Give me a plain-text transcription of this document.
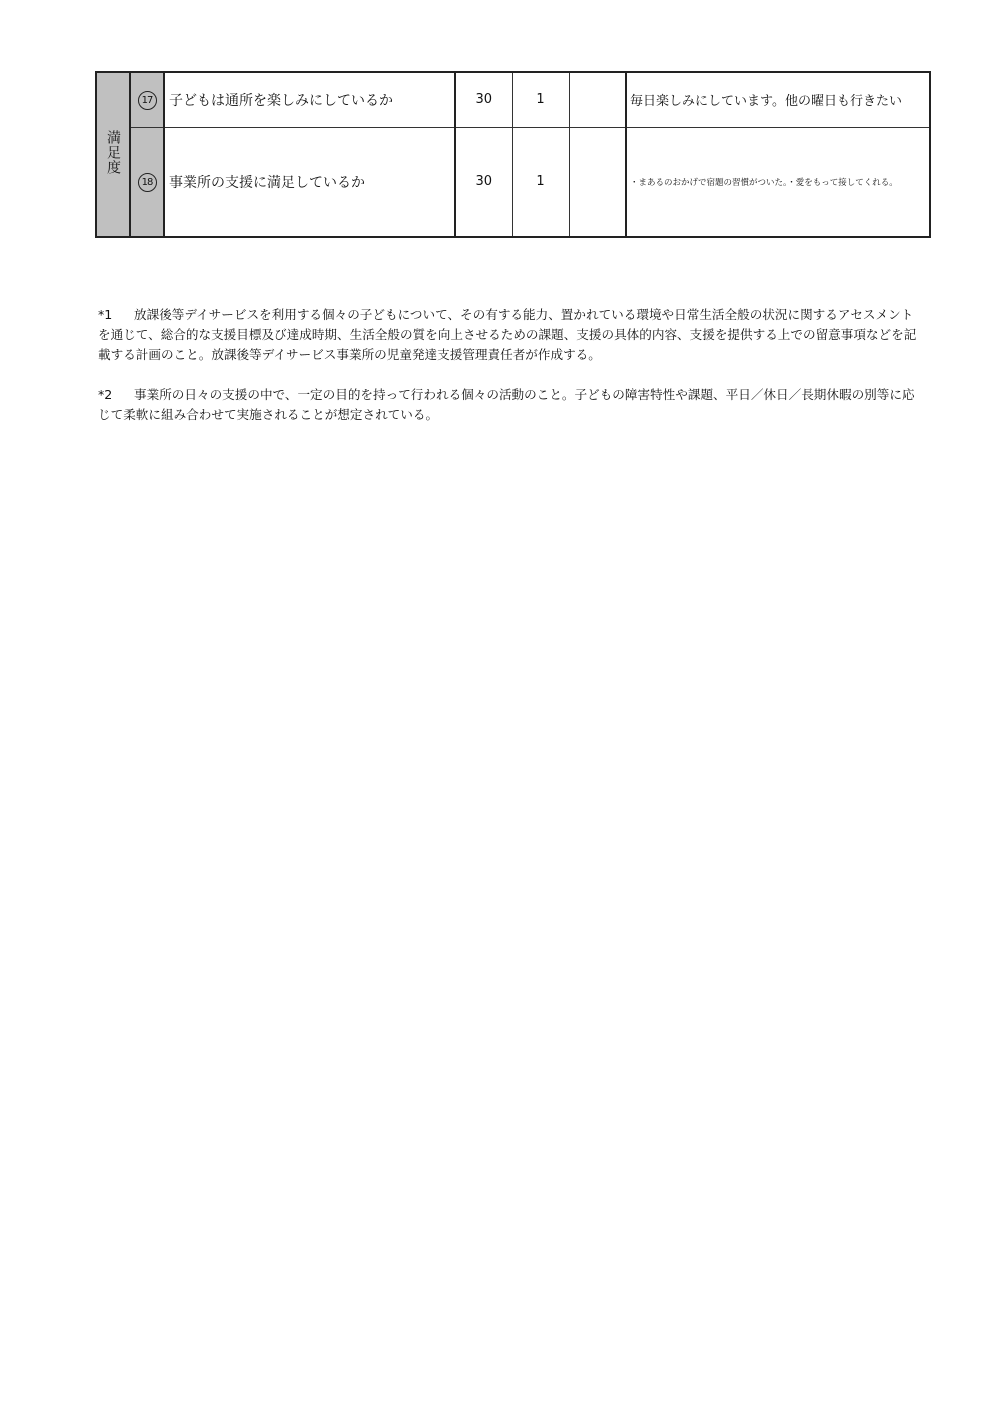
満足度	17	子どもは通所を楽しみにしているか	30	1		毎日楽しみにしています。他の曜日も行きたい
	18	事業所の支援に満足しているか	30	1		・まあるのおかげで宿題の習慣がついた。・愛をもって接してくれる。

*1 放課後等デイサービスを利用する個々の子どもについて、その有する能力、置かれている環境や日常生活全般の状況に関するアセスメントを通じて、総合的な支援目標及び達成時期、生活全般の質を向上させるための課題、支援の具体的内容、支援を提供する上での留意事項などを記載する計画のこと。放課後等デイサービス事業所の児童発達支援管理責任者が作成する。

*2 事業所の日々の支援の中で、一定の目的を持って行われる個々の活動のこと。子どもの障害特性や課題、平日／休日／長期休暇の別等に応じて柔軟に組み合わせて実施されることが想定されている。
